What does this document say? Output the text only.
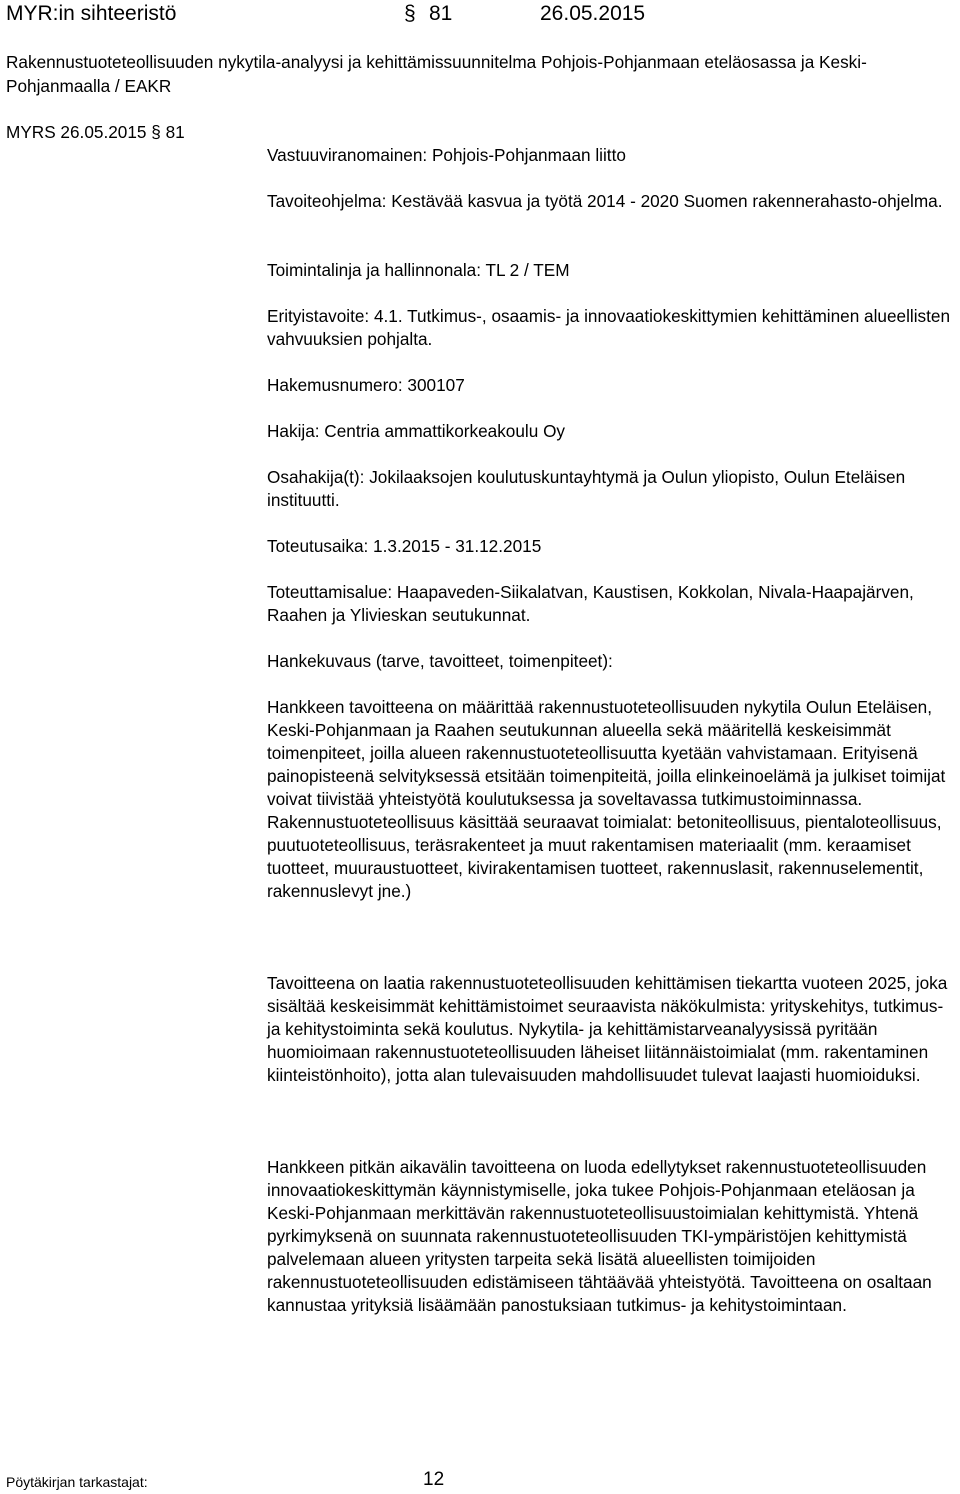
MYR:in sihteeristö	§ 81	26.05.2015
Rakennustuoteteollisuuden nykytila-analyysi ja kehittämissuunnitelma Pohjois-Pohjanmaan eteläosassa ja Keski-Pohjanmaalla / EAKR
MYRS 26.05.2015 § 81

Vastuuviranomainen: Pohjois-Pohjanmaan liitto

Tavoiteohjelma: Kestävää kasvua ja työtä 2014 - 2020 Suomen rakennerahasto-ohjelma.

Toimintalinja ja hallinnonala: TL 2 / TEM

Erityistavoite: 4.1. Tutkimus-, osaamis- ja innovaatiokeskittymien kehittäminen alueellisten vahvuuksien pohjalta.

Hakemusnumero: 300107

Hakija: Centria ammattikorkeakoulu Oy

Osahakija(t): Jokilaaksojen koulutuskuntayhtymä ja Oulun yliopisto, Oulun Eteläisen instituutti.

Toteutusaika: 1.3.2015 - 31.12.2015

Toteuttamisalue: Haapaveden-Siikalatvan, Kaustisen, Kokkolan, Nivala-Haapajärven, Raahen ja Ylivieskan seutukunnat.

Hankekuvaus (tarve, tavoitteet, toimenpiteet):

Hankkeen tavoitteena on määrittää rakennustuoteteollisuuden nykytila Oulun Eteläisen, Keski-Pohjanmaan ja Raahen seutukunnan alueella sekä määritellä keskeisimmät toimenpiteet, joilla alueen rakennustuoteteollisuutta kyetään vahvistamaan. Erityisenä painopisteenä selvityksessä etsitään toimenpiteitä, joilla elinkeinoelämä ja julkiset toimijat voivat tiivistää yhteistyötä koulutuksessa ja soveltavassa tutkimustoiminnassa. Rakennustuoteteollisuus käsittää seuraavat toimialat: betoniteollisuus, pientaloteollisuus, puutuoteteollisuus, teräsrakenteet ja muut rakentamisen materiaalit (mm. keraamiset tuotteet, muuraustuotteet, kivirakentamisen tuotteet, rakennuslasit, rakennuselementit, rakennuslevyt jne.)

Tavoitteena on laatia rakennustuoteteollisuuden kehittämisen tiekartta vuoteen 2025, joka sisältää keskeisimmät kehittämistoimet seuraavista näkökulmista: yrityskehitys, tutkimus- ja kehitystoiminta sekä koulutus. Nykytila- ja kehittämistarveanalyysissä pyritään huomioimaan rakennustuoteteollisuuden läheiset liitännäistoimialat (mm. rakentaminen kiinteistönhoito), jotta alan tulevaisuuden mahdollisuudet tulevat laajasti huomioiduksi.

Hankkeen pitkän aikavälin tavoitteena on luoda edellytykset rakennustuoteteollisuuden innovaatiokeskittymän käynnistymiselle, joka tukee Pohjois-Pohjanmaan eteläosan ja Keski-Pohjanmaan merkittävän rakennustuoteteollisuustoimialan kehittymistä. Yhtenä pyrkimyksenä on suunnata rakennustuoteteollisuuden TKI-ympäristöjen kehittymistä palvelemaan alueen yritysten tarpeita sekä lisätä alueellisten toimijoiden rakennustuoteteollisuuden edistämiseen tähtäävää yhteistyötä. Tavoitteena on osaltaan kannustaa yrityksiä lisäämään panostuksiaan tutkimus- ja kehitystoimintaan.

Pöytäkirjan tarkastajat:	12
